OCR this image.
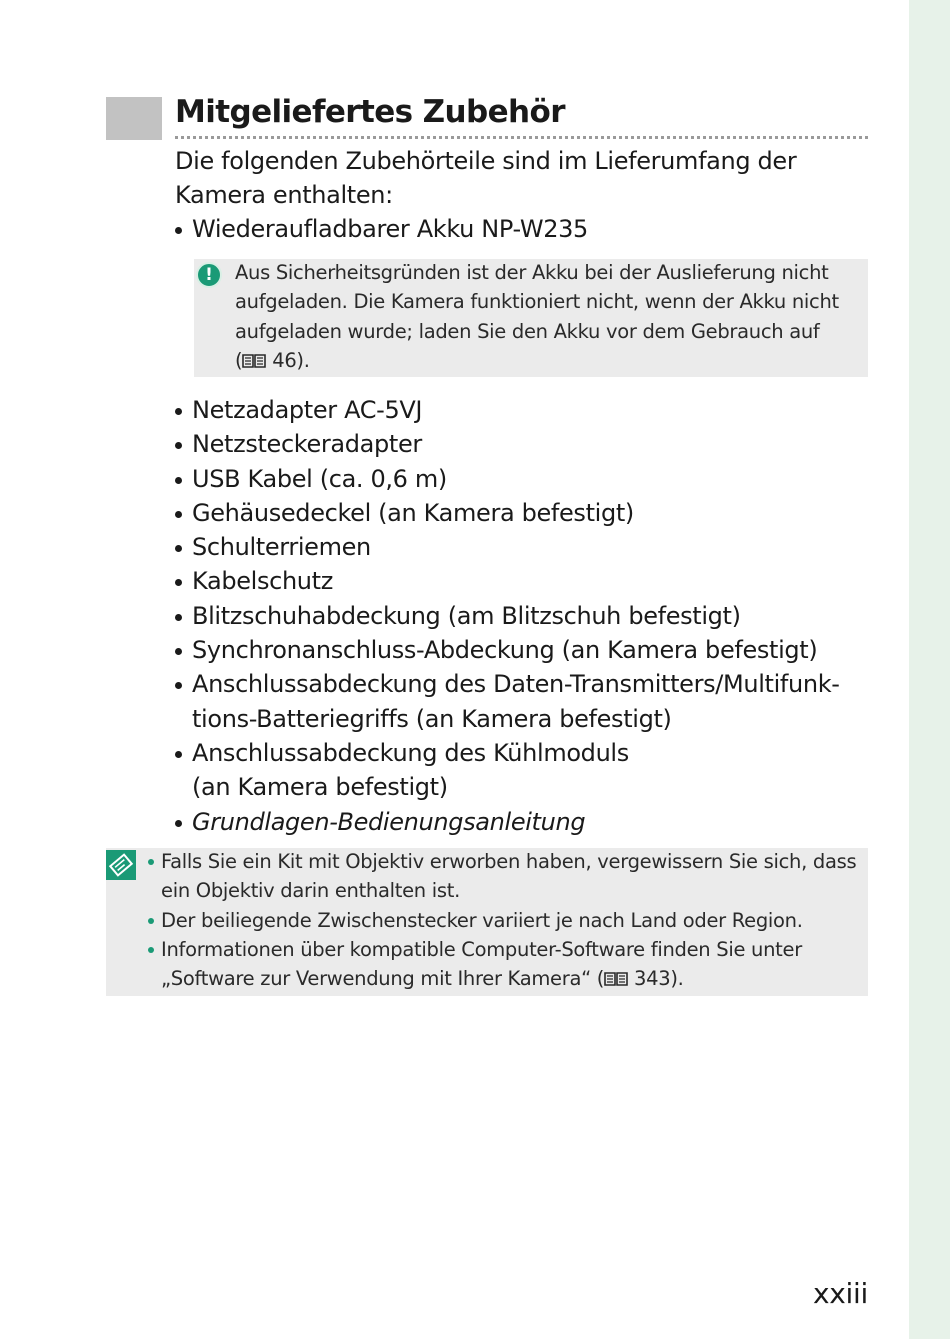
Mitgeliefertes Zubehör

Die folgenden Zubehörteile sind im Lieferumfang der Kamera enthalten:

Wiederaufladbarer Akku NP-W235
!	Aus Sicherheitsgründen ist der Akku bei der Auslieferung nicht aufgeladen. Die Kamera funktioniert nicht, wenn der Akku nicht aufgeladen wurde; laden Sie den Akku vor dem Gebrauch auf
( 46).

Netzadapter AC-5VJ
Netzsteckeradapter
USB Kabel (ca. 0,6 m)
Gehäusedeckel (an Kamera befestigt)
Schulterriemen
Kabelschutz
Blitzschuhabdeckung (am Blitzschuh befestigt)
Synchronanschluss-Abdeckung (an Kamera befestigt)
Anschlussabdeckung des Daten-Transmitters/Multifunk-
tions-Batteriegriffs (an Kamera befestigt)
Anschlussabdeckung des Kühlmoduls
(an Kamera befestigt)
Grundlagen-Bedienungsanleitung
Falls Sie ein Kit mit Objektiv erworben haben, vergewissern Sie sich, dass ein Objektiv darin enthalten ist.
Der beiliegende Zwischenstecker variiert je nach Land oder Region.
Informationen über kompatible Computer-Software finden Sie unter „Software zur Verwendung mit Ihrer Kamera“ ( 343).

xxiii
